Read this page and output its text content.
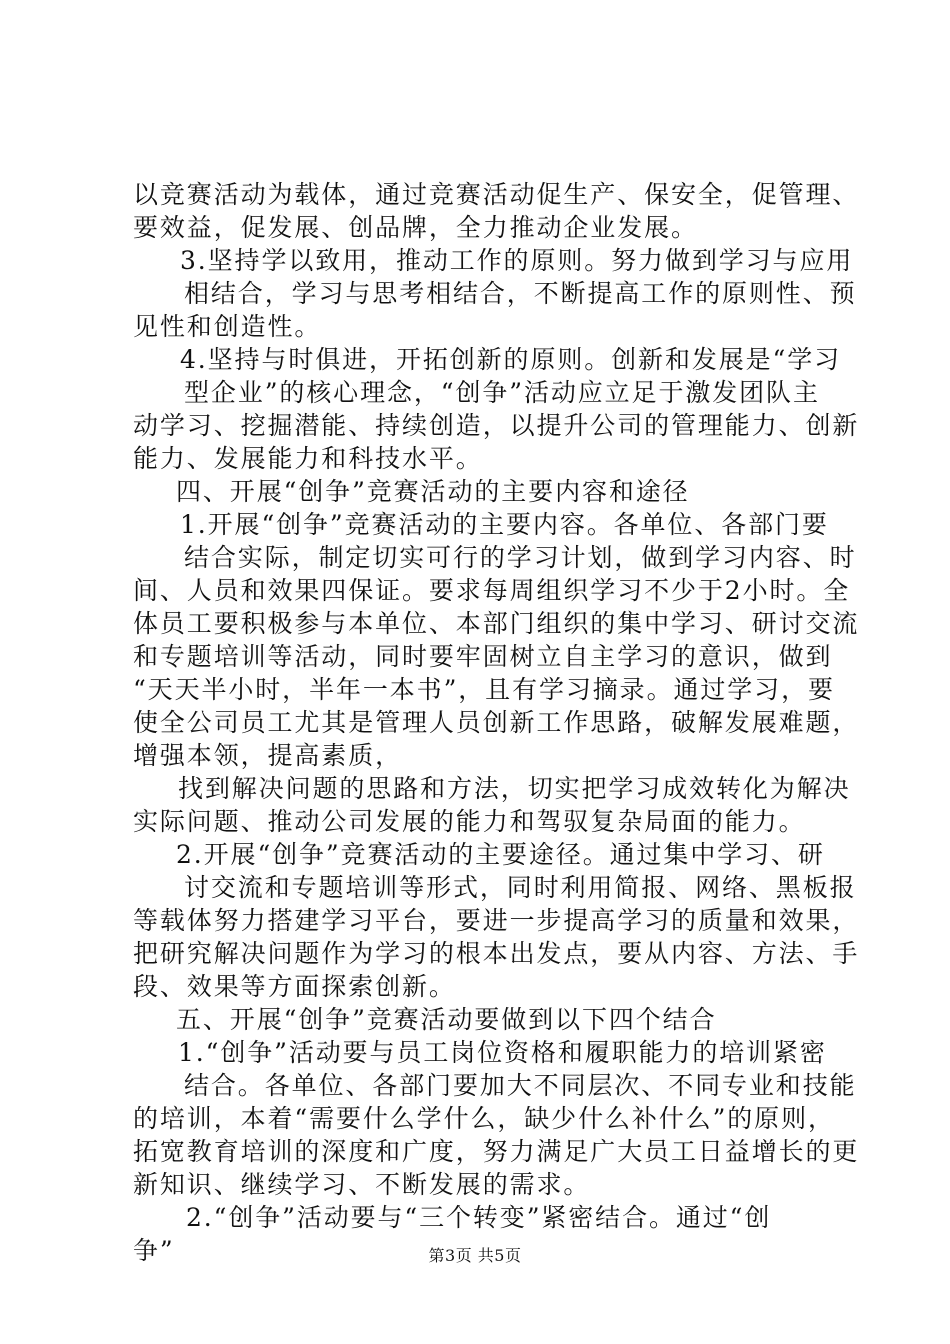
以竞赛活动为载体，通过竞赛活动促生产、保安全，促管理、
要效益，促发展、创品牌，全力推动企业发展。
3.坚持学以致用，推动工作的原则。努力做到学习与应用
相结合，学习与思考相结合，不断提高工作的原则性、预
见性和创造性。
4.坚持与时俱进，开拓创新的原则。创新和发展是“学习
型企业”的核心理念，“创争”活动应立足于激发团队主
动学习、挖掘潜能、持续创造，以提升公司的管理能力、创新
能力、发展能力和科技水平。
四、开展“创争”竞赛活动的主要内容和途径
1.开展“创争”竞赛活动的主要内容。各单位、各部门要
结合实际，制定切实可行的学习计划，做到学习内容、时
间、人员和效果四保证。要求每周组织学习不少于2小时。全
体员工要积极参与本单位、本部门组织的集中学习、研讨交流
和专题培训等活动，同时要牢固树立自主学习的意识，做到
“天天半小时，半年一本书”，且有学习摘录。通过学习，要
使全公司员工尤其是管理人员创新工作思路，破解发展难题，
增强本领，提高素质，
找到解决问题的思路和方法，切实把学习成效转化为解决
实际问题、推动公司发展的能力和驾驭复杂局面的能力。
2.开展“创争”竞赛活动的主要途径。通过集中学习、研
讨交流和专题培训等形式，同时利用简报、网络、黑板报
等载体努力搭建学习平台，要进一步提高学习的质量和效果，
把研究解决问题作为学习的根本出发点，要从内容、方法、手
段、效果等方面探索创新。
五、开展“创争”竞赛活动要做到以下四个结合
1.“创争”活动要与员工岗位资格和履职能力的培训紧密
结合。各单位、各部门要加大不同层次、不同专业和技能
的培训，本着“需要什么学什么，缺少什么补什么”的原则，
拓宽教育培训的深度和广度，努力满足广大员工日益增长的更
新知识、继续学习、不断发展的需求。
2.“创争”活动要与“三个转变”紧密结合。通过“创
争”	第3页 共5页
